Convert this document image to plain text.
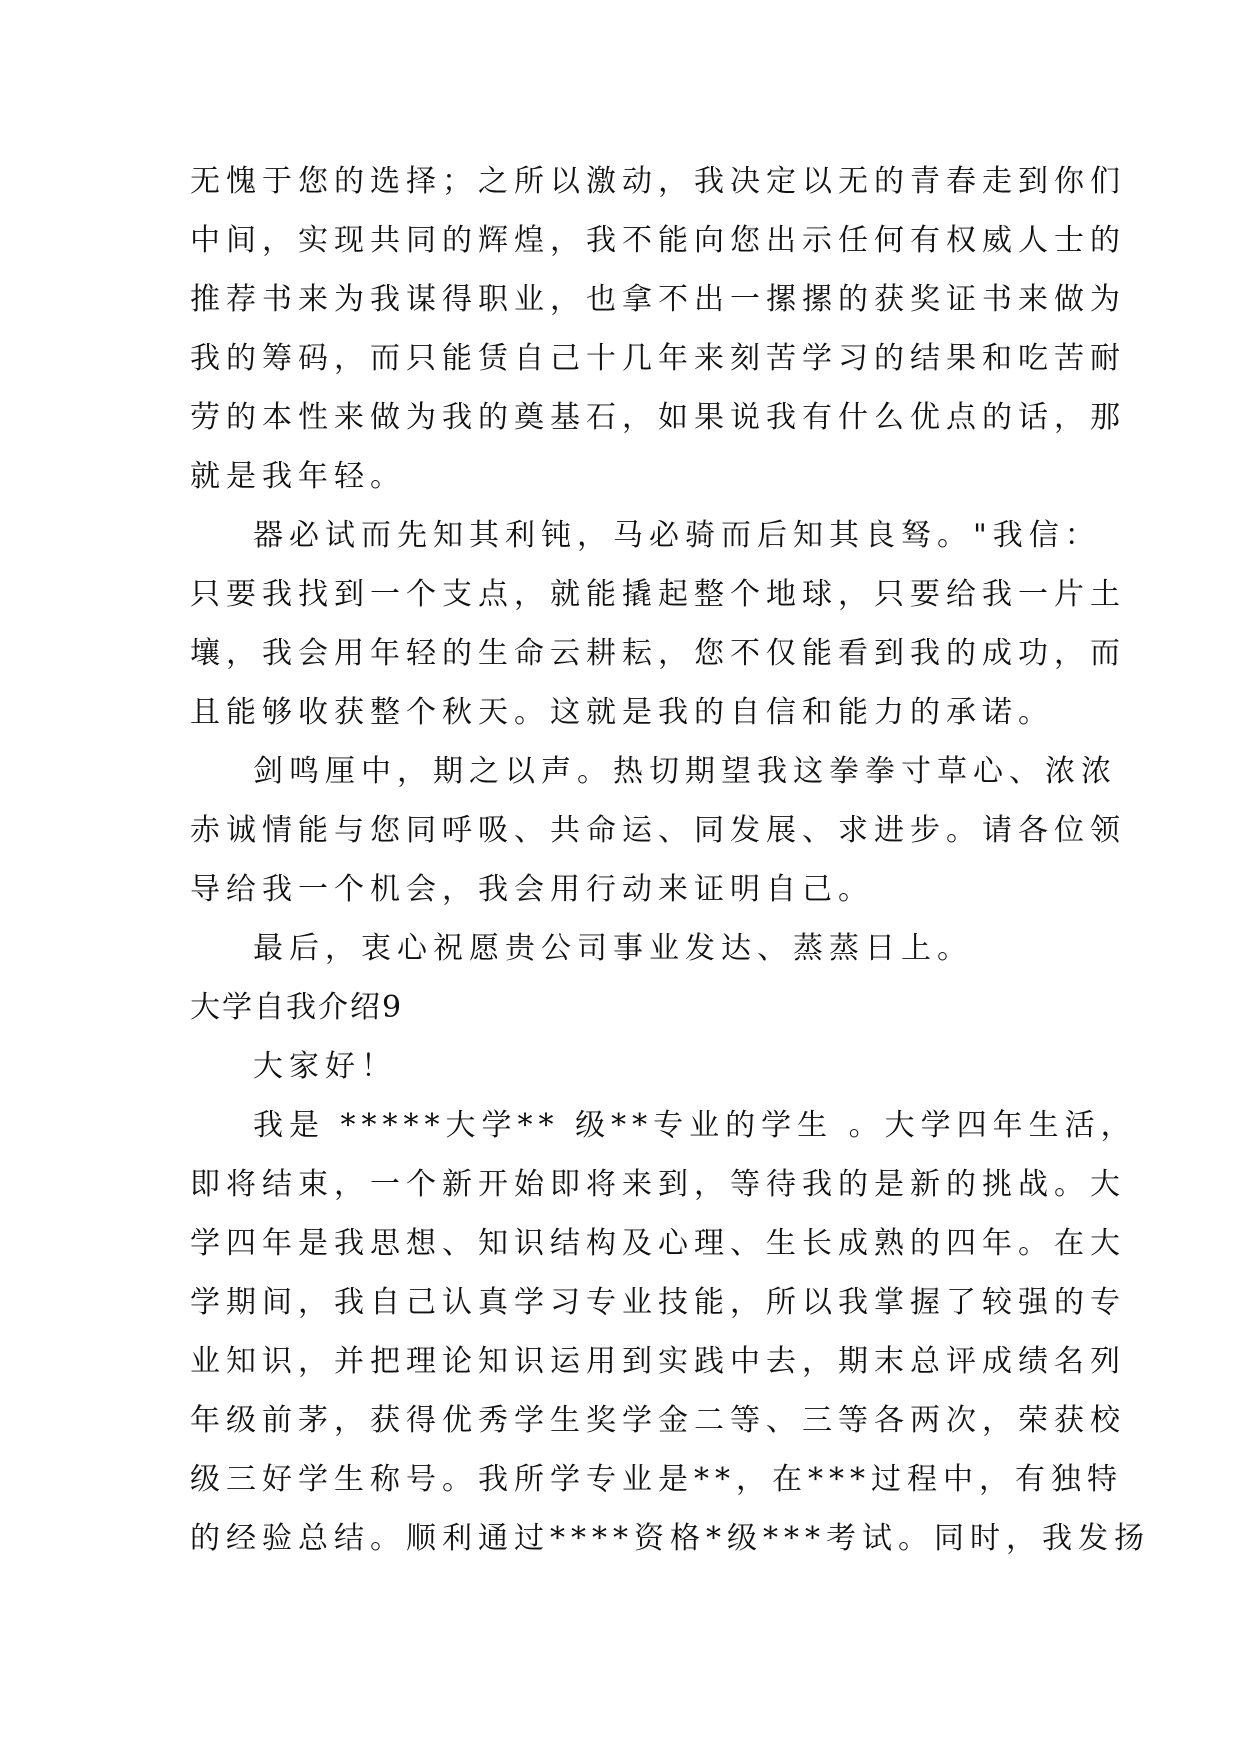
无愧于您的选择；之所以激动，我决定以无的青春走到你们
中间，实现共同的辉煌，我不能向您出示任何有权威人士的
推荐书来为我谋得职业，也拿不出一摞摞的获奖证书来做为
我的筹码，而只能赁自己十几年来刻苦学习的结果和吃苦耐
劳的本性来做为我的奠基石，如果说我有什么优点的话，那
就是我年轻。
器必试而先知其利钝，马必骑而后知其良驽。"我信：
只要我找到一个支点，就能撬起整个地球，只要给我一片土
壤，我会用年轻的生命云耕耘，您不仅能看到我的成功，而
且能够收获整个秋天。这就是我的自信和能力的承诺。
剑鸣厘中，期之以声。热切期望我这拳拳寸草心、浓浓
赤诚情能与您同呼吸、共命运、同发展、求进步。请各位领
导给我一个机会，我会用行动来证明自己。
最后，衷心祝愿贵公司事业发达、蒸蒸日上。
大学自我介绍9
大家好！
我是 *****大学** 级**专业的学生 。大学四年生活，
即将结束，一个新开始即将来到，等待我的是新的挑战。大
学四年是我思想、知识结构及心理、生长成熟的四年。在大
学期间，我自己认真学习专业技能，所以我掌握了较强的专
业知识，并把理论知识运用到实践中去，期末总评成绩名列
年级前茅，获得优秀学生奖学金二等、三等各两次，荣获校
级三好学生称号。我所学专业是**，在***过程中，有独特
的经验总结。顺利通过****资格*级***考试。同时，我发扬
